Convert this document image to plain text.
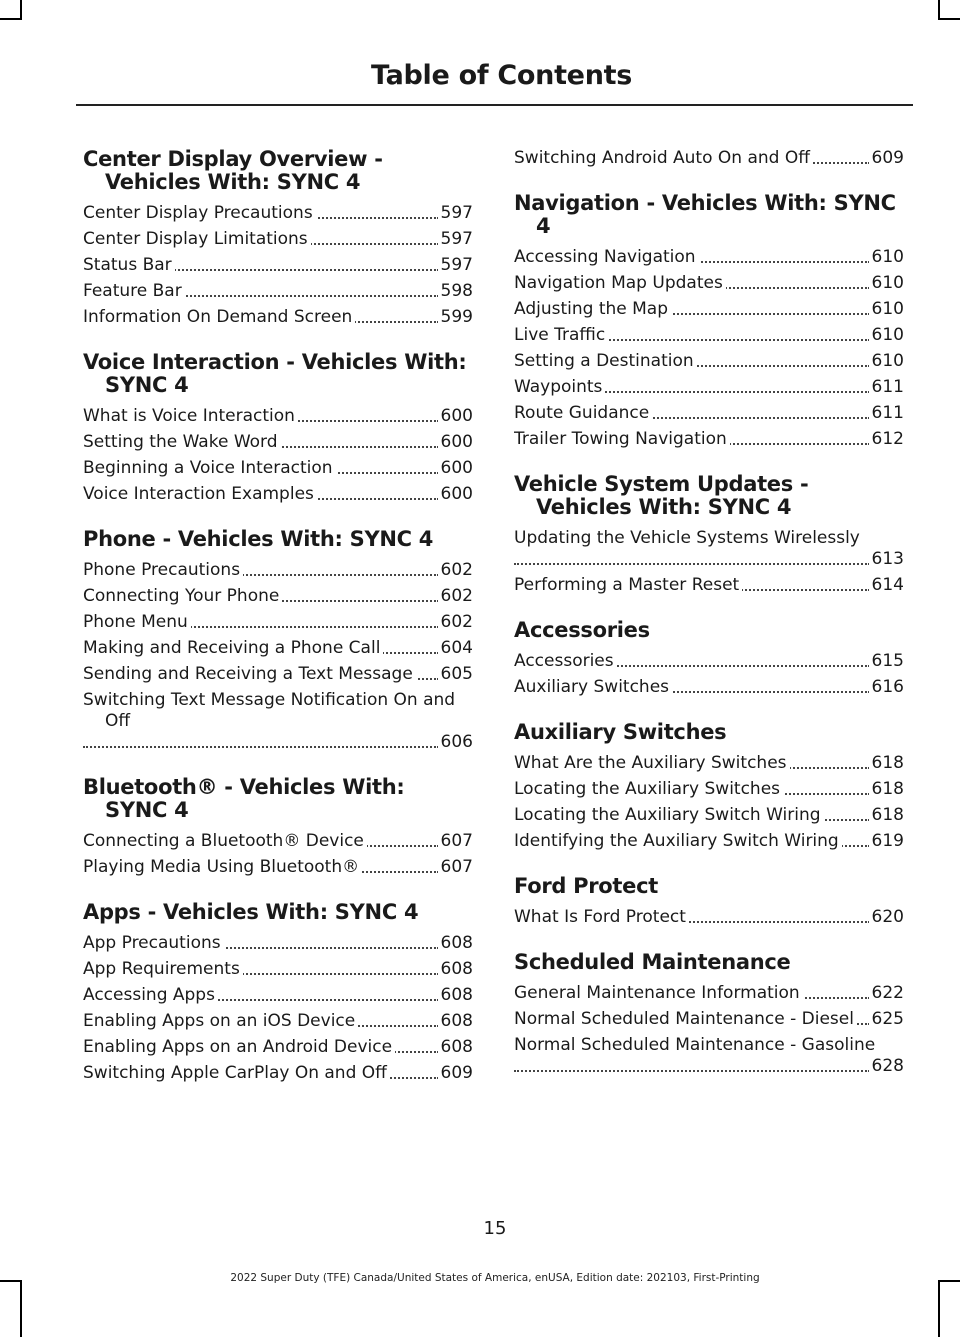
Table of Contents
Center Display Overview - Vehicles With: SYNC 4
Center Display Precautions	597
Center Display Limitations	597
Status Bar	597
Feature Bar	598
Information On Demand Screen	599
Voice Interaction - Vehicles With: SYNC 4
What is Voice Interaction	600
Setting the Wake Word	600
Beginning a Voice Interaction	600
Voice Interaction Examples	600
Phone - Vehicles With: SYNC 4
Phone Precautions	602
Connecting Your Phone	602
Phone Menu	602
Making and Receiving a Phone Call	604
Sending and Receiving a Text Message 605
Switching Text Message Notification On and Off
606
Bluetooth® - Vehicles With: SYNC 4
Connecting a Bluetooth® Device	607
Playing Media Using Bluetooth®	607
Apps - Vehicles With: SYNC 4
App Precautions	608
App Requirements	608
Accessing Apps	608
Enabling Apps on an iOS Device	608
Enabling Apps on an Android Device	608
Switching Apple CarPlay On and Off	609
Switching Android Auto On and Off	609
Navigation - Vehicles With: SYNC 4
Accessing Navigation	610
Navigation Map Updates	610
Adjusting the Map	610
Live Traffic	610
Setting a Destination	610
Waypoints	611
Route Guidance	611
Trailer Towing Navigation	612
Vehicle System Updates - Vehicles With: SYNC 4
Updating the Vehicle Systems Wirelessly
613
Performing a Master Reset	614
Accessories
Accessories	615
Auxiliary Switches	616
Auxiliary Switches
What Are the Auxiliary Switches	618
Locating the Auxiliary Switches	618
Locating the Auxiliary Switch Wiring	618
Identifying the Auxiliary Switch Wiring 619
Ford Protect
What Is Ford Protect	620
Scheduled Maintenance
General Maintenance Information	622
Normal Scheduled Maintenance - Diesel 625
Normal Scheduled Maintenance - Gasoline
628
15
2022 Super Duty (TFE) Canada/United States of America, enUSA, Edition date: 202103, First-Printing
